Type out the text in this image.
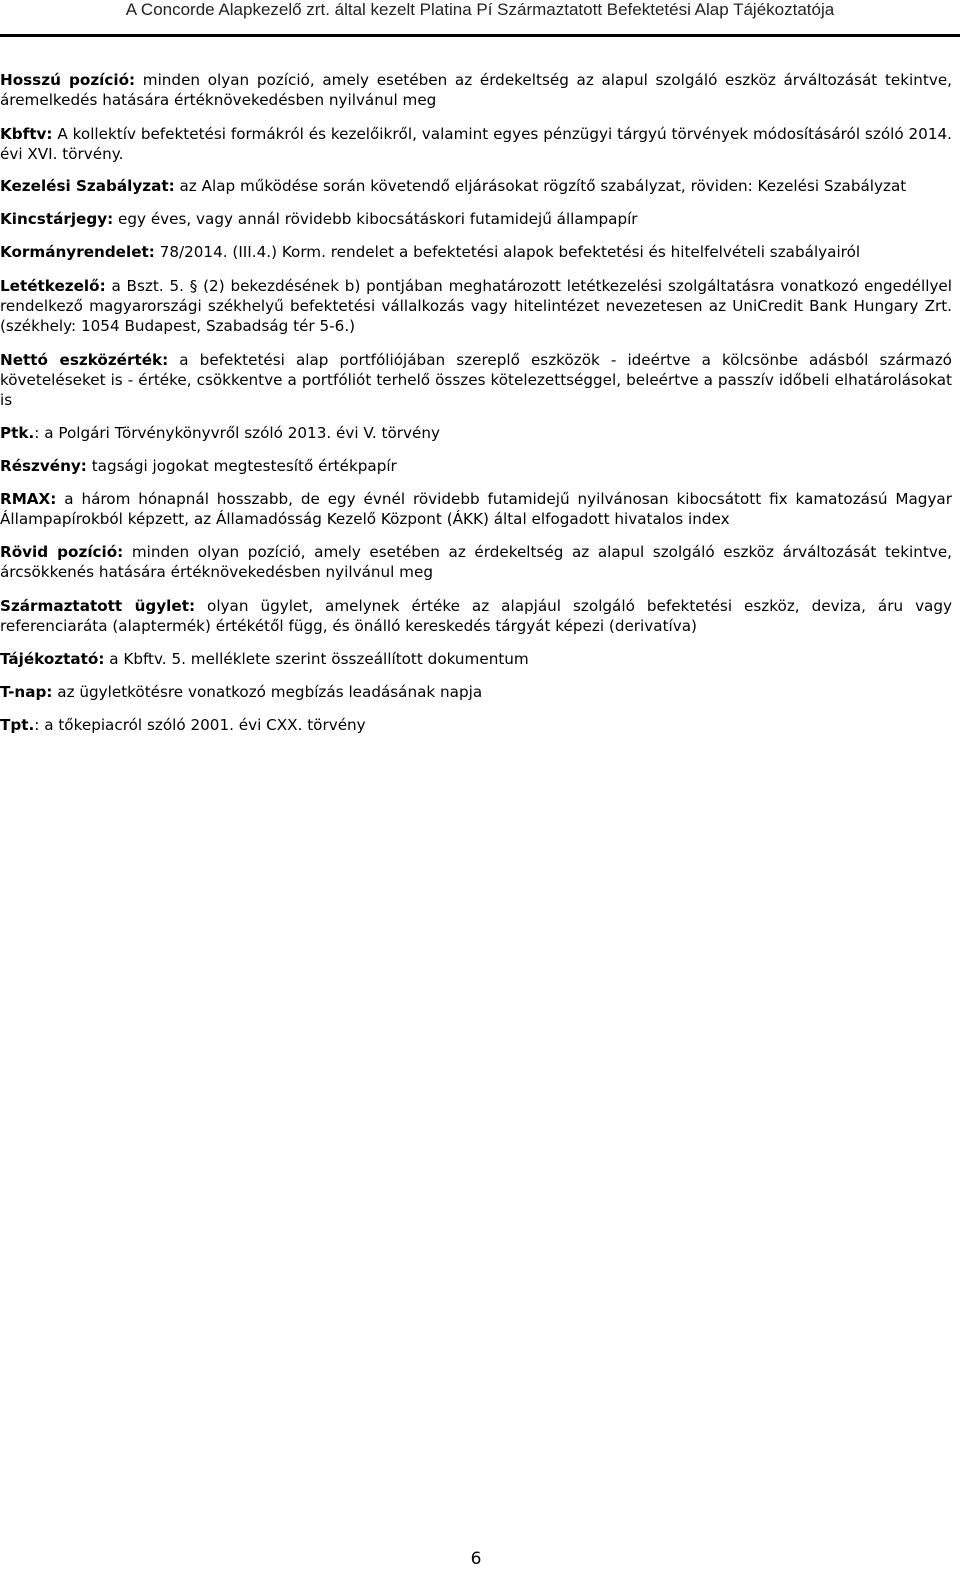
A Concorde Alapkezelő zrt. által kezelt Platina Pí Származtatott Befektetési Alap Tájékoztatója

Hosszú pozíció: minden olyan pozíció, amely esetében az érdekeltség az alapul szolgáló eszköz árváltozását tekintve, áremelkedés hatására értéknövekedésben nyilvánul meg

Kbftv: A kollektív befektetési formákról és kezelőikről, valamint egyes pénzügyi tárgyú törvények módosításáról szóló 2014. évi XVI. törvény.

Kezelési Szabályzat: az Alap működése során követendő eljárásokat rögzítő szabályzat, röviden: Kezelési Szabályzat

Kincstárjegy: egy éves, vagy annál rövidebb kibocsátáskori futamidejű állampapír

Kormányrendelet: 78/2014. (III.4.) Korm. rendelet a befektetési alapok befektetési és hitelfelvételi szabályairól

Letétkezelő: a Bszt. 5. § (2) bekezdésének b) pontjában meghatározott letétkezelési szolgáltatásra vonatkozó engedéllyel rendelkező magyarországi székhelyű befektetési vállalkozás vagy hitelintézet nevezetesen az UniCredit Bank Hungary Zrt. (székhely: 1054 Budapest, Szabadság tér 5-6.)

Nettó eszközérték: a befektetési alap portfóliójában szereplő eszközök - ideértve a kölcsönbe adásból származó követeléseket is - értéke, csökkentve a portfóliót terhelő összes kötelezettséggel, beleértve a passzív időbeli elhatárolásokat is

Ptk.: a Polgári Törvénykönyvről szóló 2013. évi V. törvény

Részvény: tagsági jogokat megtestesítő értékpapír

RMAX: a három hónapnál hosszabb, de egy évnél rövidebb futamidejű nyilvánosan kibocsátott fix kamatozású Magyar Állampapírokból képzett, az Államadósság Kezelő Központ (ÁKK) által elfogadott hivatalos index

Rövid pozíció: minden olyan pozíció, amely esetében az érdekeltség az alapul szolgáló eszköz árváltozását tekintve, árcsökkenés hatására értéknövekedésben nyilvánul meg

Származtatott ügylet: olyan ügylet, amelynek értéke az alapjául szolgáló befektetési eszköz, deviza, áru vagy referenciaráta (alaptermék) értékétől függ, és önálló kereskedés tárgyát képezi (derivatíva)

Tájékoztató: a Kbftv. 5. melléklete szerint összeállított dokumentum

T-nap: az ügyletkötésre vonatkozó megbízás leadásának napja

Tpt.: a tőkepiacról szóló 2001. évi CXX. törvény

6
